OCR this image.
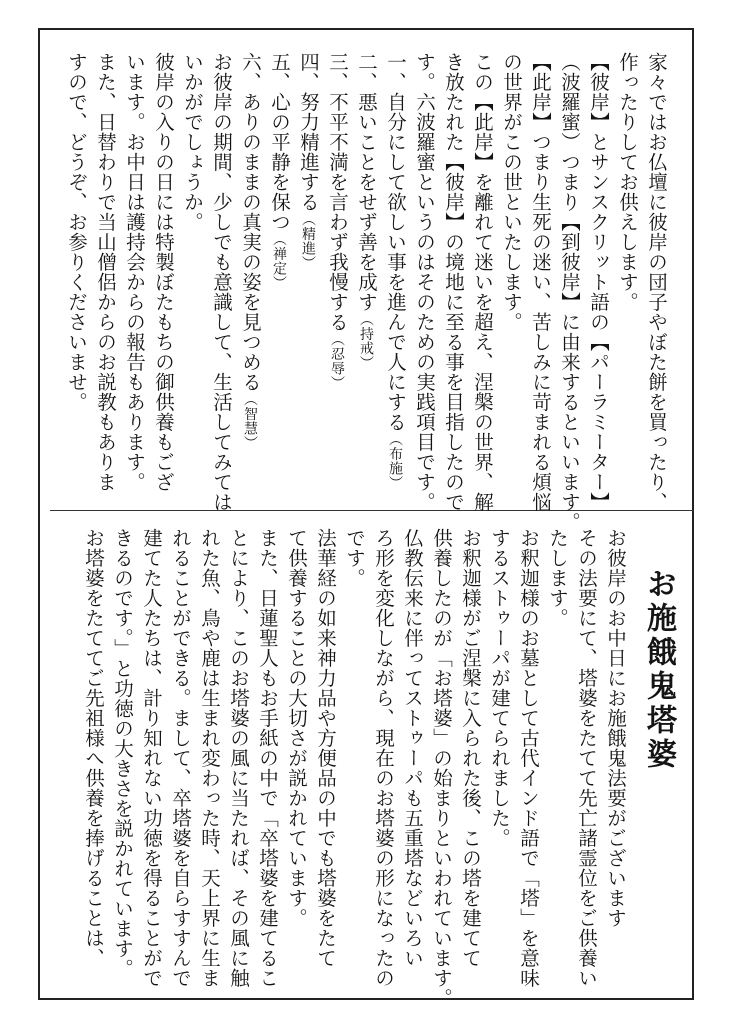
家々ではお仏壇に彼岸の団子やぼた餅を買ったり、
作ったりしてお供えします。
【彼岸】とサンスクリット語の【パーラミーター】
（波羅蜜）つまり【到彼岸】に由来するといいます。
【此岸】つまり生死の迷い、苦しみに苛まれる煩悩
の世界がこの世といたします。
この【此岸】を離れて迷いを超え、涅槃の世界、解
き放たれた【彼岸】の境地に至る事を目指したので
す。六波羅蜜というのはそのための実践項目です。
一、自分にして欲しい事を進んで人にする（布施）
二、悪いことをせず善を成す（持戒）
三、不平不満を言わず我慢する（忍辱）
四、努力精進する（精進）
五、心の平静を保つ（禅定）
六、ありのままの真実の姿を見つめる（智慧）
お彼岸の期間、少しでも意識して、生活してみては
いかがでしょうか。
彼岸の入りの日には特製ぼたもちの御供養もござ
います。お中日は護持会からの報告もあります。
また、日替わりで当山僧侶からのお説教もありま
すので、どうぞ、お参りくださいませ。
お施餓鬼塔婆
お彼岸のお中日にお施餓鬼法要がございます
その法要にて、塔婆をたてて先亡諸霊位をご供養い
たします。
お釈迦様のお墓として古代インド語で「塔」を意味
するストゥーパが建てられました。
お釈迦様がご涅槃に入られた後、この塔を建てて
供養したのが「お塔婆」の始まりといわれています。
仏教伝来に伴ってストゥーパも五重塔などいろい
ろ形を変化しながら、現在のお塔婆の形になったの
です。
法華経の如来神力品や方便品の中でも塔婆をたて
て供養することの大切さが説かれています。
また、日蓮聖人もお手紙の中で「卒塔婆を建てるこ
とにより、このお塔婆の風に当たれば、その風に触
れた魚、鳥や鹿は生まれ変わった時、天上界に生ま
れることができる。まして、卒塔婆を自らすすんで
建てた人たちは、計り知れない功徳を得ることがで
きるのです。」と功徳の大きさを説かれています。
お塔婆をたててご先祖様へ供養を捧げることは、
